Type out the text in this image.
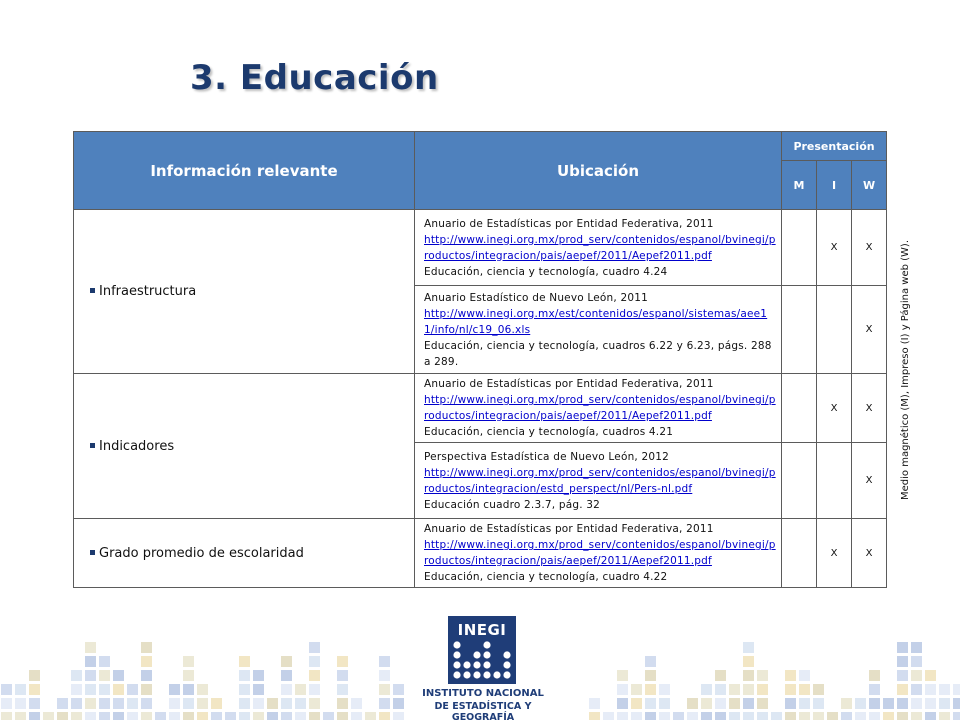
3. Educación
Información relevante	Ubicación	Presentación		
		M	I	W
Infraestructura	Anuario de Estadísticas por Entidad Federativa, 2011
http://www.inegi.org.mx/prod_serv/contenidos/espanol/bvinegi/productos/integracion/pais/aepef/2011/Aepef2011.pdf
Educación, ciencia y tecnología, cuadro 4.24		X	X

	Anuario Estadístico de Nuevo León, 2011
http://www.inegi.org.mx/est/contenidos/espanol/sistemas/aee11/info/nl/c19_06.xls
Educación, ciencia y tecnología, cuadros 6.22 y 6.23, págs. 288 a 289.			X
Indicadores	Anuario de Estadísticas por Entidad Federativa, 2011
http://www.inegi.org.mx/prod_serv/contenidos/espanol/bvinegi/productos/integracion/pais/aepef/2011/Aepef2011.pdf
Educación, ciencia y tecnología, cuadros 4.21		X	X

	Perspectiva Estadística de Nuevo León, 2012
http://www.inegi.org.mx/prod_serv/contenidos/espanol/bvinegi/productos/integracion/estd_perspect/nl/Pers-nl.pdf
Educación cuadro 2.3.7, pág. 32			X
Grado promedio de escolaridad	Anuario de Estadísticas por Entidad Federativa, 2011
http://www.inegi.org.mx/prod_serv/contenidos/espanol/bvinegi/productos/integracion/pais/aepef/2011/Aepef2011.pdf
Educación, ciencia y tecnología, cuadro 4.22		X	X
Medio magnético (M), Impreso (I) y Página web (W).
INEGI
INSTITUTO NACIONAL
DE ESTADÍSTICA Y GEOGRAFÍA
